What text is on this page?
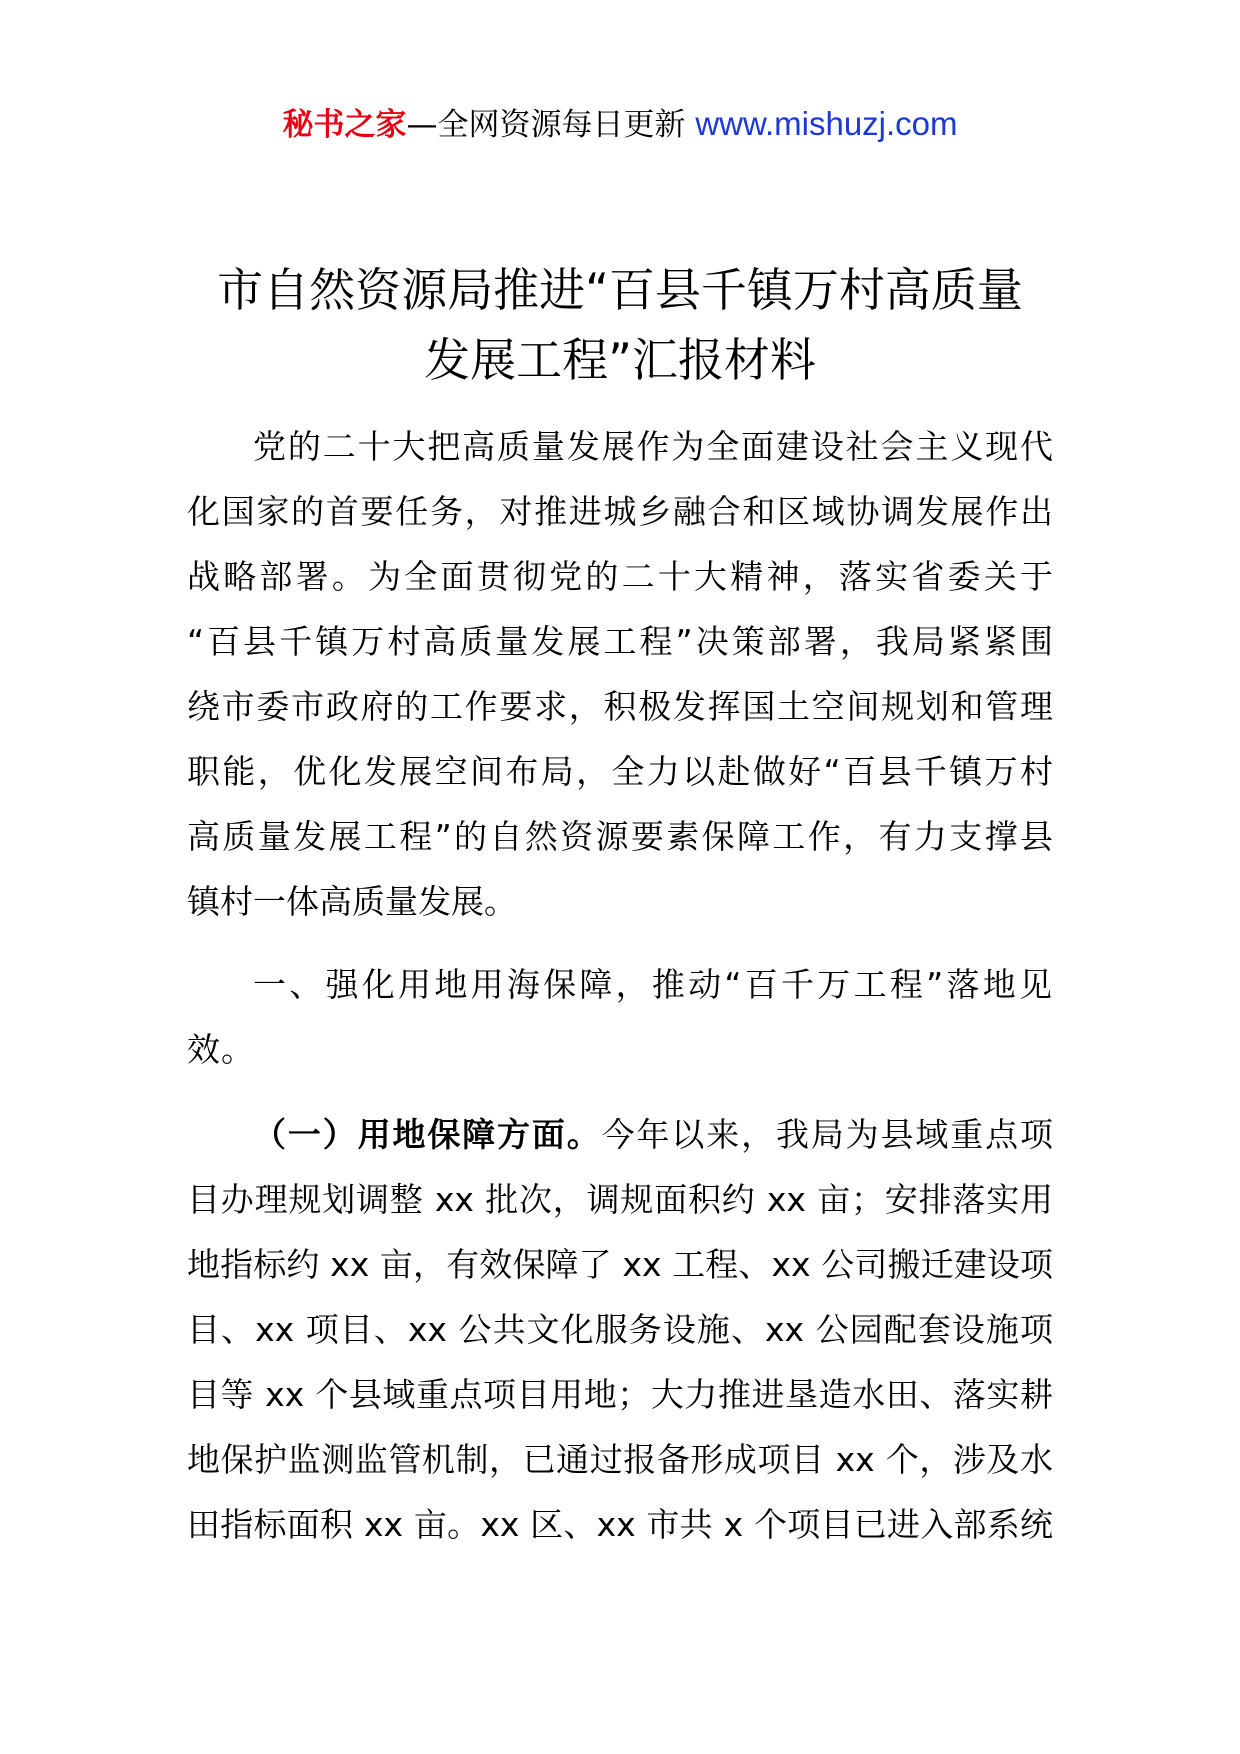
秘书之家—全网资源每日更新 www.mishuzj.com
市自然资源局推进“百县千镇万村高质量
发展工程”汇报材料
党的二十大把高质量发展作为全面建设社会主义现代
化国家的首要任务，对推进城乡融合和区域协调发展作出
战略部署。为全面贯彻党的二十大精神，落实省委关于
“百县千镇万村高质量发展工程”决策部署，我局紧紧围
绕市委市政府的工作要求，积极发挥国土空间规划和管理
职能，优化发展空间布局，全力以赴做好“百县千镇万村
高质量发展工程”的自然资源要素保障工作，有力支撑县
镇村一体高质量发展。
一、强化用地用海保障，推动“百千万工程”落地见
效。
（一）用地保障方面。今年以来，我局为县域重点项
目办理规划调整 xx 批次，调规面积约 xx 亩；安排落实用
地指标约 xx 亩，有效保障了 xx 工程、xx 公司搬迁建设项
目、xx 项目、xx 公共文化服务设施、xx 公园配套设施项
目等 xx 个县域重点项目用地；大力推进垦造水田、落实耕
地保护监测监管机制，已通过报备形成项目 xx 个，涉及水
田指标面积 xx 亩。xx 区、xx 市共 x 个项目已进入部系统
